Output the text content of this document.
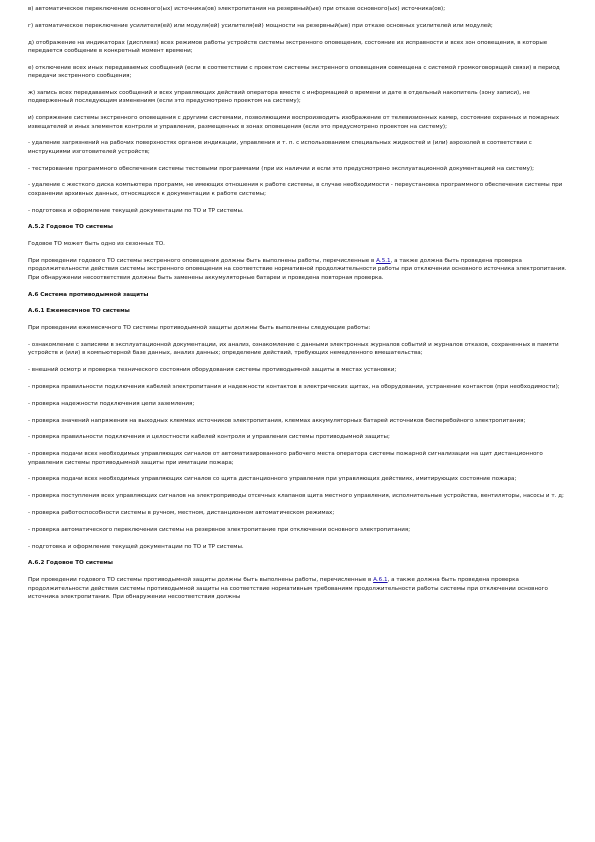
в) автоматическое переключение основного(ых) источника(ов) электропитания на резервный(ые) при отказе основного(ых) источника(ов);

г) автоматическое переключение усилителя(ей) или модуля(ей) усилителя(ей) мощности на резервный(ые) при отказе основных усилителей или модулей;

д) отображение на индикаторах (дисплеях) всех режимов работы устройств системы экстренного оповещения, состояние их исправности и всех зон оповещения, в которые передается сообщение в конкретный момент времени;

е) отключение всех иных передаваемых сообщений (если в соответствии с проектом системы экстренного оповещения совмещена с системой громкоговорящей связи) в период передачи экстренного сообщения;

ж) запись всех передаваемых сообщений и всех управляющих действий оператора вместе с информацией о времени и дате в отдельный накопитель (зону записи), не подверженный последующим изменениям (если это предусмотрено проектом на систему);

и) сопряжение системы экстренного оповещения с другими системами, позволяющими воспроизводить изображение от телевизионных камер, состояние охранных и пожарных извещателей и иных элементов контроля и управления, размещенных в зонах оповещения (если это предусмотрено проектом на систему);

- удаление загрязнений на рабочих поверхностях органов индикации, управления и т. п. с использованием специальных жидкостей и (или) аэрозолей в соответствии с инструкциями изготовителей устройств;

- тестирование программного обеспечения системы тестовыми программами (при их наличии и если это предусмотрено эксплуатационной документацией на систему);

- удаление с жесткого диска компьютера программ, не имеющих отношения к работе системы, в случае необходимости - переустановка программного обеспечения системы при сохранении архивных данных, относящихся к документации к работе системы;

- подготовка и оформление текущей документации по ТО и ТР системы.

А.5.2 Годовое ТО системы

Годовое ТО может быть одно из сезонных ТО.

При проведении годового ТО системы экстренного оповещения должны быть выполнены работы, перечисленные в А.5.1, а также должна быть проведена проверка продолжительности действия системы экстренного оповещения на соответствие нормативной продолжительности работы при отключении основного источника электропитания. При обнаружении несоответствия должны быть заменены аккумуляторные батареи и проведена повторная проверка.

А.6 Система противодымной защиты
А.6.1 Ежемесячное ТО системы

При проведении ежемесячного ТО системы противодымной защиты должны быть выполнены следующие работы:

- ознакомление с записями в эксплуатационной документации, их анализ, ознакомление с данными электронных журналов событий и журналов отказов, сохраненных в памяти устройств и (или) в компьютерной базе данных, анализ данных; определение действий, требующих немедленного вмешательства;

- внешний осмотр и проверка технического состояния оборудования системы противодымной защиты в местах установки;

- проверка правильности подключения кабелей электропитания и надежности контактов в электрических щитах, на оборудовании, устранение контактов (при необходимости);

- проверка надежности подключения цепи заземления;

- проверка значений напряжения на выходных клеммах источников электропитания, клеммах аккумуляторных батарей источников бесперебойного электропитания;

- проверка правильности подключения и целостности кабелей контроля и управления системы противодымной защиты;

- проверка подачи всех необходимых управляющих сигналов от автоматизированного рабочего места оператора системы пожарной сигнализации на щит дистанционного управления системы противодымной защиты при имитации пожара;

- проверка подачи всех необходимых управляющих сигналов со щита дистанционного управления при управляющих действиях, имитирующих состояние пожара;

- проверка поступления всех управляющих сигналов на электроприводы отсечных клапанов щита местного управления, исполнительные устройства, вентиляторы, насосы и т. д;

- проверка работоспособности системы в ручном, местном, дистанционном автоматическом режимах;

- проверка автоматического переключения системы на резервное электропитание при отключении основного электропитания;

- подготовка и оформление текущей документации по ТО и ТР системы.

А.6.2 Годовое ТО системы

При проведении годового ТО системы противодымной защиты должны быть выполнены работы, перечисленные в А.6.1, а также должна быть проведена проверка продолжительности действия системы противодымной защиты на соответствие нормативным требованиям продолжительности работы системы при отключении основного источника электропитания. При обнаружении несоответствия должны
